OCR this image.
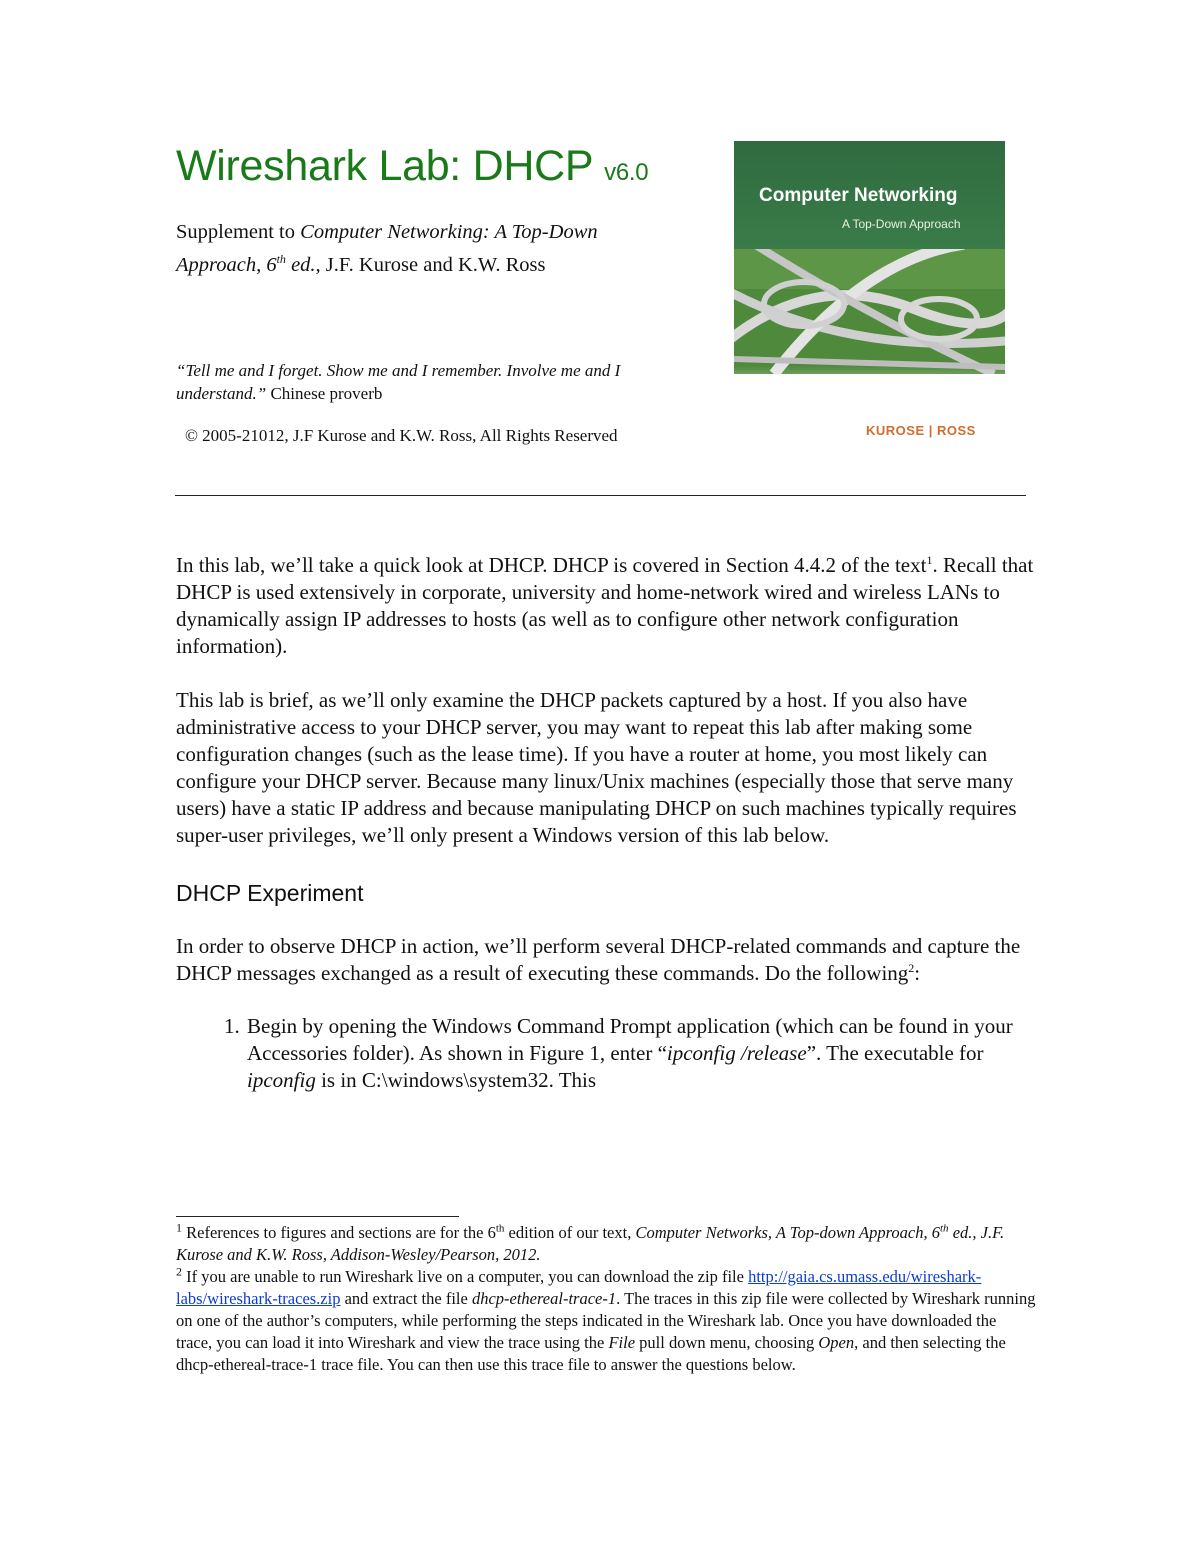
Wireshark Lab: DHCP v6.0
Supplement to Computer Networking: A Top-Down
Approach, 6th ed., J.F. Kurose and K.W. Ross
“Tell me and I forget. Show me and I remember. Involve me and I
understand.” Chinese proverb
© 2005-21012, J.F Kurose and K.W. Ross, All Rights Reserved
Computer Networking
A Top-Down Approach
KUROSE | ROSS

In this lab, we’ll take a quick look at DHCP. DHCP is covered in Section 4.4.2 of the text$^1$. Recall that DHCP is used extensively in corporate, university and home-network wired and wireless LANs to dynamically assign IP addresses to hosts (as well as to configure other network configuration information).

This lab is brief, as we’ll only examine the DHCP packets captured by a host. If you also have administrative access to your DHCP server, you may want to repeat this lab after making some configuration changes (such as the lease time). If you have a router at home, you most likely can configure your DHCP server. Because many linux/Unix machines (especially those that serve many users) have a static IP address and because manipulating DHCP on such machines typically requires super-user privileges, we’ll only present a Windows version of this lab below.

DHCP Experiment

In order to observe DHCP in action, we’ll perform several DHCP-related commands and capture the DHCP messages exchanged as a result of executing these commands. Do the following$^2$:

1. Begin by opening the Windows Command Prompt application (which can be found in your Accessories folder). As shown in Figure 1, enter “ipconfig /release”. The executable for ipconfig is in C:\windows\system32. This
$^1$ References to figures and sections are for the 6th edition of our text, Computer Networks, A Top-down Approach, 6th ed., J.F. Kurose and K.W. Ross, Addison-Wesley/Pearson, 2012.
$^2$ If you are unable to run Wireshark live on a computer, you can download the zip file http://gaia.cs.umass.edu/wireshark-labs/wireshark-traces.zip and extract the file dhcp-ethereal-trace-1. The traces in this zip file were collected by Wireshark running on one of the author’s computers, while performing the steps indicated in the Wireshark lab. Once you have downloaded the trace, you can load it into Wireshark and view the trace using the File pull down menu, choosing Open, and then selecting the dhcp-ethereal-trace-1 trace file. You can then use this trace file to answer the questions below.
